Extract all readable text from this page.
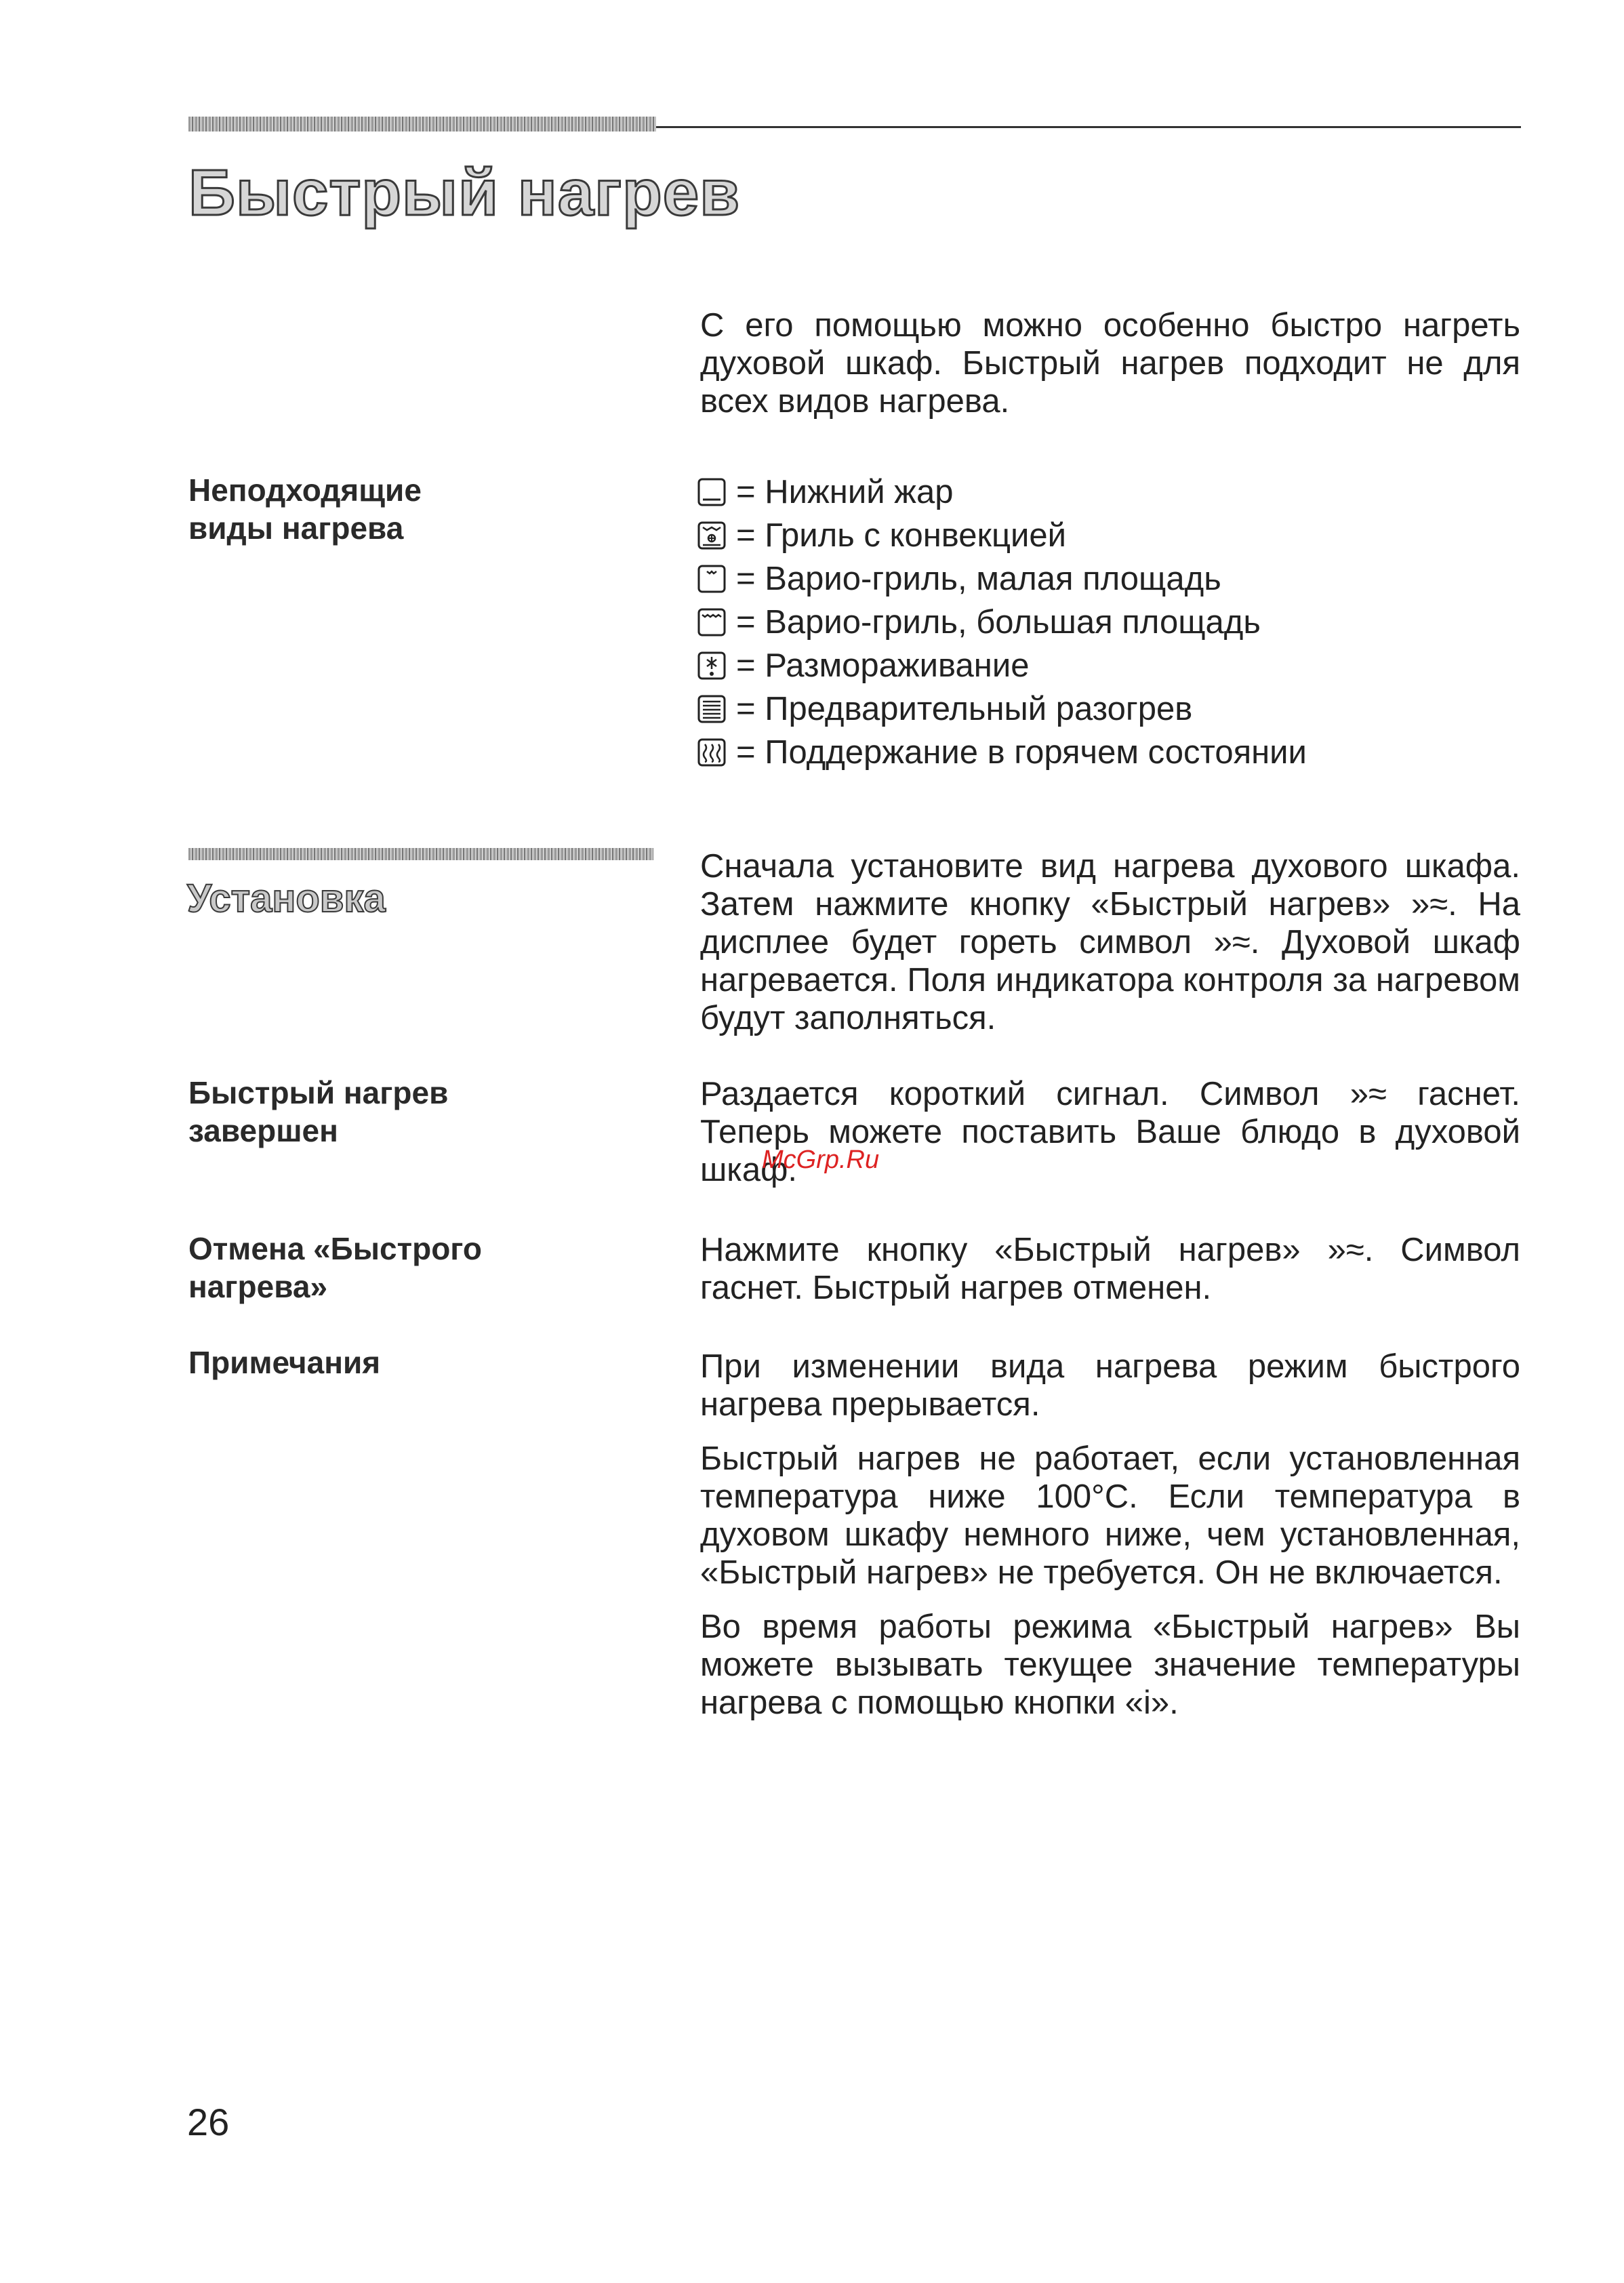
Быстрый нагрев
С его помощью можно особенно быстро нагреть духовой шкаф. Быстрый нагрев подходит не для всех видов нагрева.
Неподходящие
виды нагрева
= Нижний жар
= Гриль с конвекцией
= Варио-гриль, малая площадь
= Варио-гриль, большая площадь
= Размораживание
= Предварительный разогрев
= Поддержание в горячем состоянии
Установка
Сначала установите вид нагрева духового шкафа. Затем нажмите кнопку «Быстрый нагрев» »≈. На дисплее будет гореть символ »≈. Духовой шкаф нагревается. Поля индикатора контроля за нагревом будут заполняться.
Быстрый нагрев
завершен
Раздается короткий сигнал. Символ »≈ гаснет. Теперь можете поставить Ваше блюдо в духовой шкаф.
McGrp.Ru
Отмена «Быстрого
нагрева»
Нажмите кнопку «Быстрый нагрев» »≈. Символ гаснет. Быстрый нагрев отменен.
Примечания	При изменении вида нагрева режим быстрого нагрева прерывается.

Быстрый нагрев не работает, если установленная температура ниже 100°C. Если температура в духовом шкафу немного ниже, чем установленная, «Быстрый нагрев» не требуется. Он не включается.

Во время работы режима «Быстрый нагрев» Вы можете вызывать текущее значение температуры нагрева с помощью кнопки «i».

26
